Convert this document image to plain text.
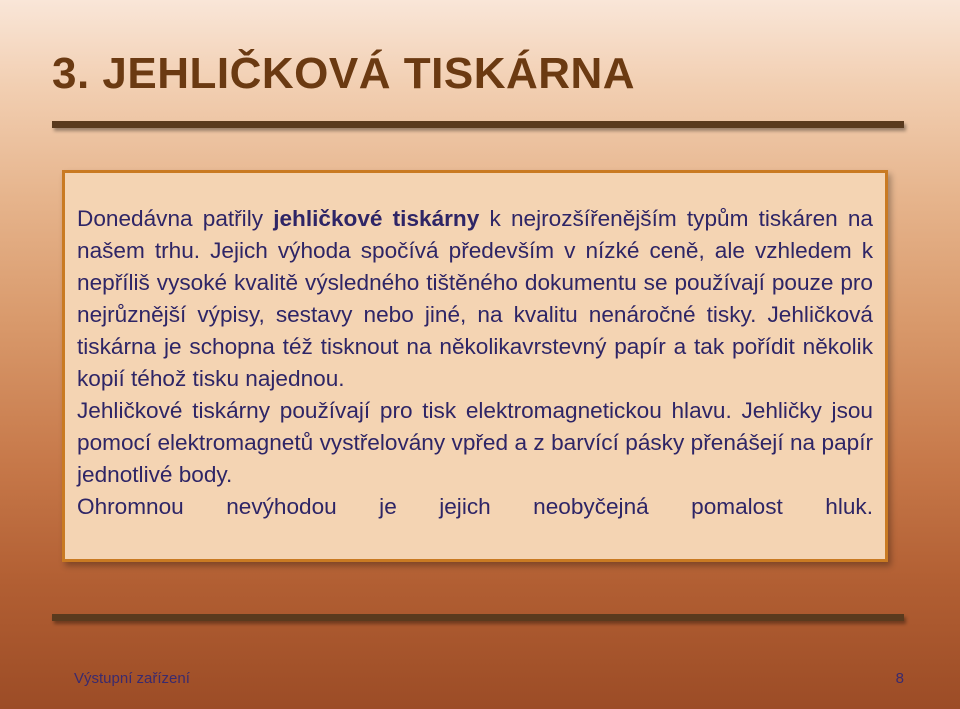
3. JEHLIČKOVÁ TISKÁRNA

Donedávna patřily jehličkové tiskárny k nejrozšířenějším typům tiskáren na našem trhu. Jejich výhoda spočívá především v nízké ceně, ale vzhledem k nepříliš vysoké kvalitě výsledného tištěného dokumentu se používají pouze pro nejrůznější výpisy, sestavy nebo jiné, na kvalitu nenáročné tisky. Jehličková tiskárna je schopna též tisknout na několikavrstevný papír a tak pořídit několik kopií téhož tisku najednou.

Jehličkové tiskárny používají pro tisk elektromagnetickou hlavu. Jehličky jsou pomocí elektromagnetů vystřelovány vpřed a z barvící pásky přenášejí na papír jednotlivé body.

Ohromnou nevýhodou je jejich neobyčejná pomalost hluk.

Výstupní zařízení	8
